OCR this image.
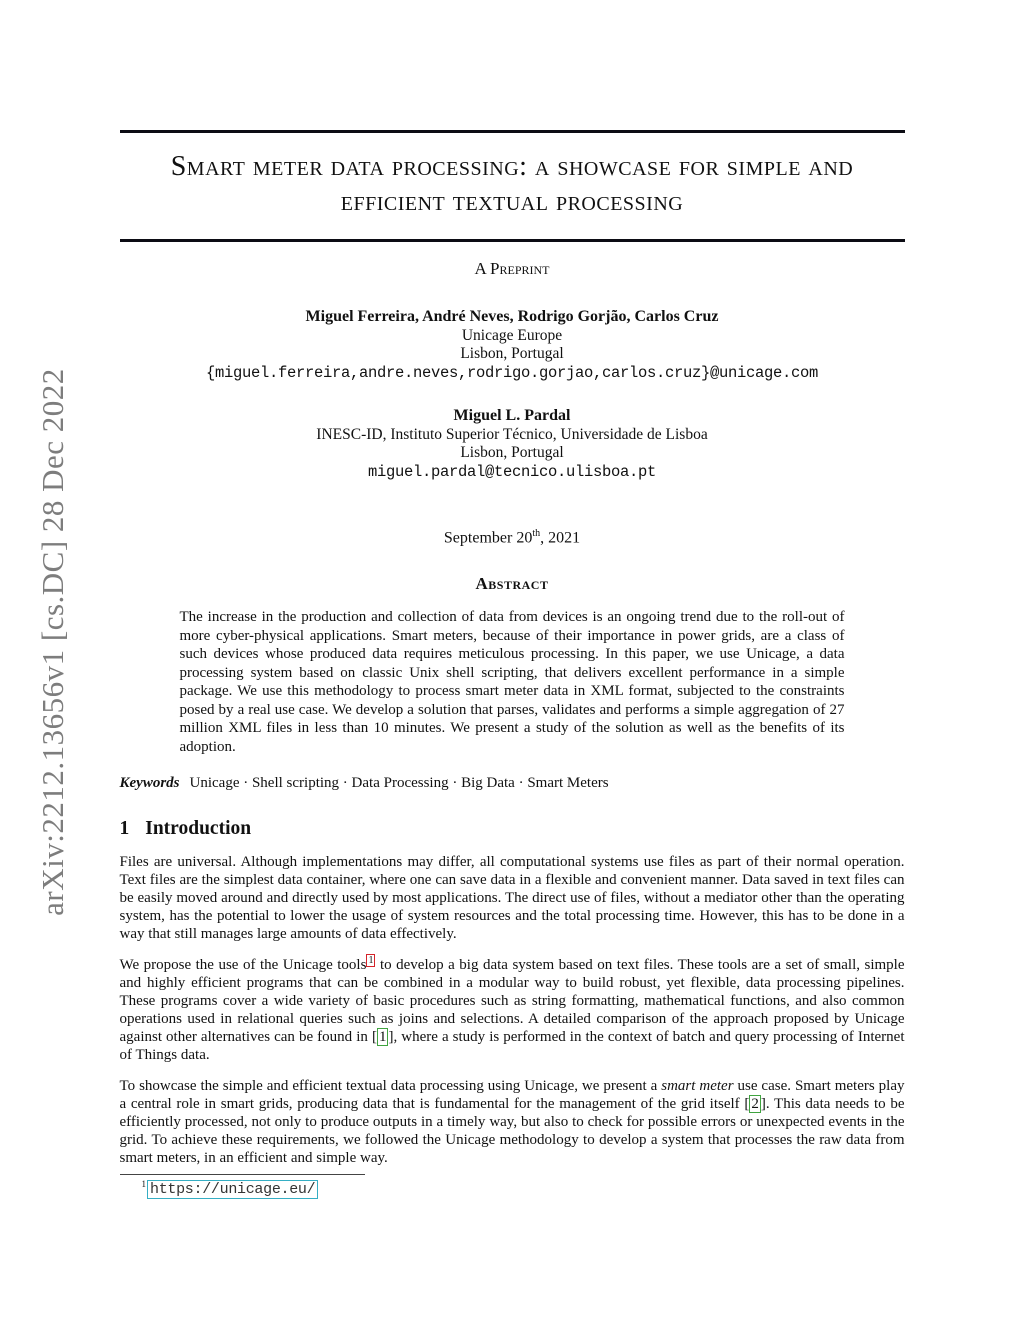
arXiv:2212.13656v1 [cs.DC] 28 Dec 2022
Smart meter data processing: a showcase for simple and efficient textual processing
A Preprint
Miguel Ferreira, André Neves, Rodrigo Gorjão, Carlos Cruz
Unicage Europe
Lisbon, Portugal
{miguel.ferreira,andre.neves,rodrigo.gorjao,carlos.cruz}@unicage.com
Miguel L. Pardal
INESC-ID, Instituto Superior Técnico, Universidade de Lisboa
Lisbon, Portugal
miguel.pardal@tecnico.ulisboa.pt
September 20th, 2021
Abstract

The increase in the production and collection of data from devices is an ongoing trend due to the roll-out of more cyber-physical applications. Smart meters, because of their importance in power grids, are a class of such devices whose produced data requires meticulous processing. In this paper, we use Unicage, a data processing system based on classic Unix shell scripting, that delivers excellent performance in a simple package. We use this methodology to process smart meter data in XML format, subjected to the constraints posed by a real use case. We develop a solution that parses, validates and performs a simple aggregation of 27 million XML files in less than 10 minutes. We present a study of the solution as well as the benefits of its adoption.

Keywords Unicage · Shell scripting · Data Processing · Big Data · Smart Meters
1 Introduction

Files are universal. Although implementations may differ, all computational systems use files as part of their normal operation. Text files are the simplest data container, where one can save data in a flexible and convenient manner. Data saved in text files can be easily moved around and directly used by most applications. The direct use of files, without a mediator other than the operating system, has the potential to lower the usage of system resources and the total processing time. However, this has to be done in a way that still manages large amounts of data effectively.

We propose the use of the Unicage tools $^1$ to develop a big data system based on text files. These tools are a set of small, simple and highly efficient programs that can be combined in a modular way to build robust, yet flexible, data processing pipelines. These programs cover a wide variety of basic procedures such as string formatting, mathematical functions, and also common operations used in relational queries such as joins and selections. A detailed comparison of the approach proposed by Unicage against other alternatives can be found in [ 1 ], where a study is performed in the context of batch and query processing of Internet of Things data.

To showcase the simple and efficient textual data processing using Unicage, we present a smart meter use case. Smart meters play a central role in smart grids, producing data that is fundamental for the management of the grid itself [ 2 ]. This data needs to be efficiently processed, not only to produce outputs in a timely way, but also to check for possible errors or unexpected events in the grid. To achieve these requirements, we followed the Unicage methodology to develop a system that processes the raw data from smart meters, in an efficient and simple way.

$^1$ https://unicage.eu/
